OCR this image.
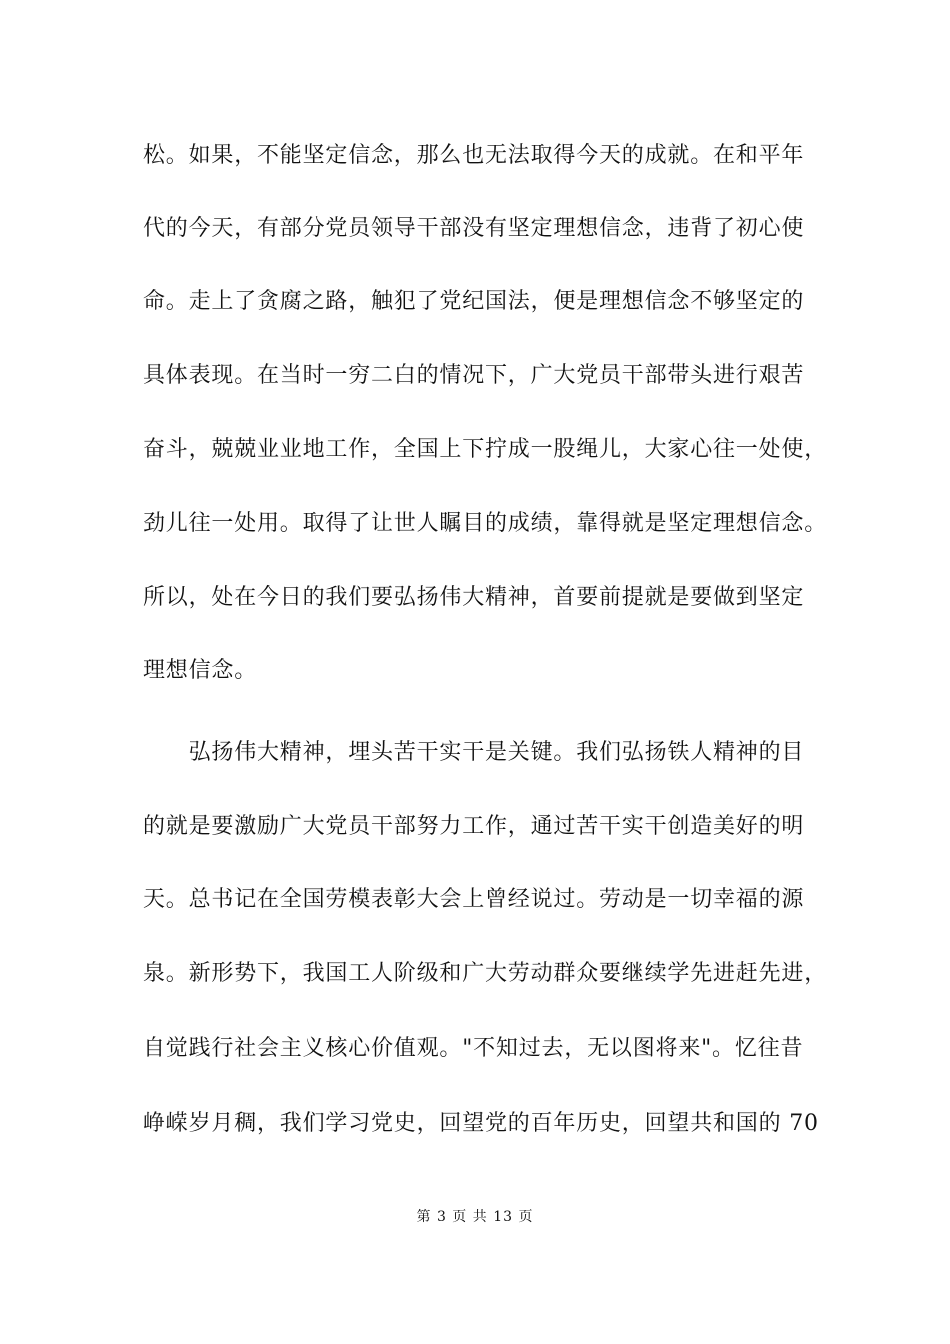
松。如果，不能坚定信念，那么也无法取得今天的成就。在和平年
代的今天，有部分党员领导干部没有坚定理想信念，违背了初心使
命。走上了贪腐之路，触犯了党纪国法，便是理想信念不够坚定的
具体表现。在当时一穷二白的情况下，广大党员干部带头进行艰苦
奋斗，兢兢业业地工作，全国上下拧成一股绳儿，大家心往一处使，
劲儿往一处用。取得了让世人瞩目的成绩，靠得就是坚定理想信念。
所以，处在今日的我们要弘扬伟大精神，首要前提就是要做到坚定
理想信念。
　　弘扬伟大精神，埋头苦干实干是关键。我们弘扬铁人精神的目
的就是要激励广大党员干部努力工作，通过苦干实干创造美好的明
天。总书记在全国劳模表彰大会上曾经说过。劳动是一切幸福的源
泉。新形势下，我国工人阶级和广大劳动群众要继续学先进赶先进，
自觉践行社会主义核心价值观。"不知过去，无以图将来"。忆往昔
峥嵘岁月稠，我们学习党史，回望党的百年历史，回望共和国的 70
第 3 页 共 13 页
